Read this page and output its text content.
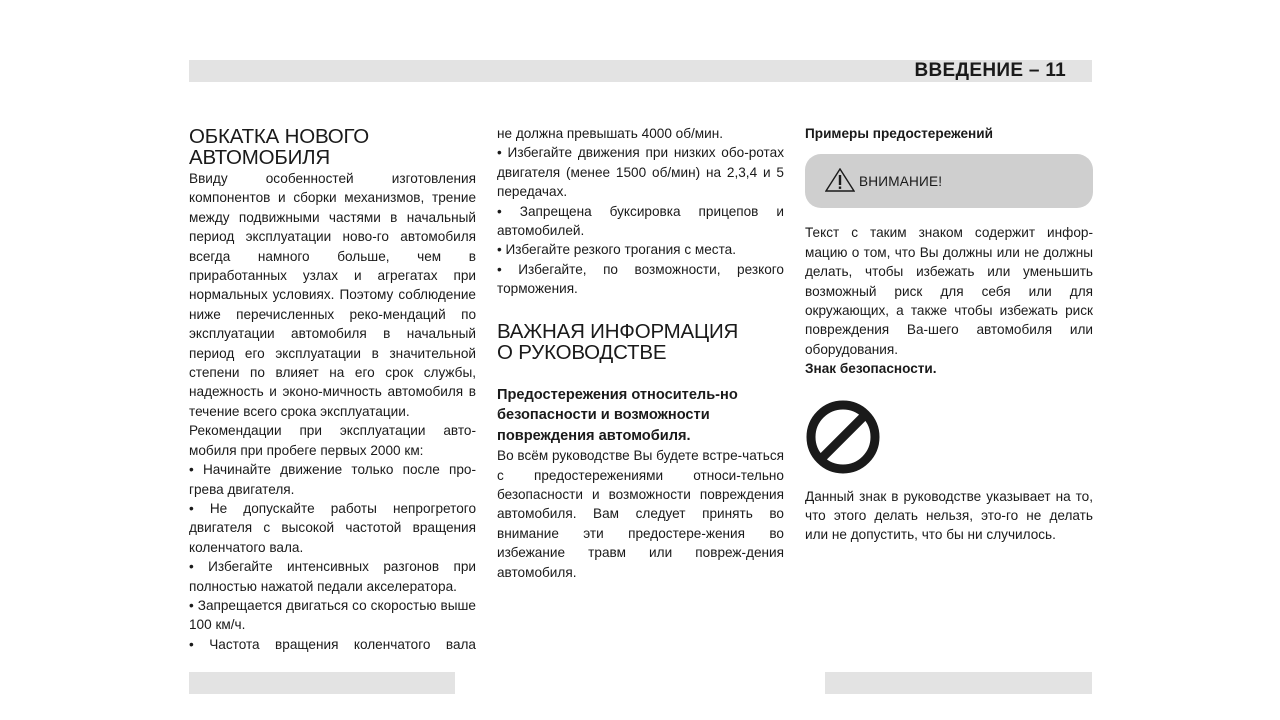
ВВЕДЕНИЕ – 11
ОБКАТКА НОВОГО АВТОМОБИЛЯ

Ввиду особенностей изготовления компонентов и сборки механизмов, трение между подвижными частями в начальный период эксплуатации ново-го автомобиля всегда намного больше, чем в приработанных узлах и агрегатах при нормальных условиях. Поэтому соблюдение ниже перечисленных реко-мендаций по эксплуатации автомобиля в начальный период его эксплуатации в значительной степени по влияет на его срок службы, надежность и эконо-мичность автомобиля в течение всего срока эксплуатации.

Рекомендации при эксплуатации авто-мобиля при пробеге первых 2000 км:

• Начинайте движение только после про-грева двигателя.

• Не допускайте работы непрогретого двигателя с высокой частотой вращения коленчатого вала.

• Избегайте интенсивных разгонов при полностью нажатой педали акселератора.

• Запрещается двигаться со скоростью выше 100 км/ч.

• Частота вращения коленчатого вала

не должна превышать 4000 об/мин.

• Избегайте движения при низких обо-ротах двигателя (менее 1500 об/мин) на 2,3,4 и 5 передачах.

• Запрещена буксировка прицепов и автомобилей.

• Избегайте резкого трогания с места.

• Избегайте, по возможности, резкого торможения.

ВАЖНАЯ ИНФОРМАЦИЯ О РУКОВОДСТВЕ
Предостережения относитель-но безопасности и возможности повреждения автомобиля.

Во всём руководстве Вы будете встре-чаться с предостережениями относи-тельно безопасности и возможности повреждения автомобиля. Вам следует принять во внимание эти предостере-жения во избежание травм или повреж-дения автомобиля.

Примеры предостережений

ВНИМАНИЕ!

Текст с таким знаком содержит инфор-мацию о том, что Вы должны или не должны делать, чтобы избежать или уменьшить возможный риск для себя или для окружающих, а также чтобы избежать риск повреждения Ва-шего автомобиля или оборудования.

Знак безопасности.

Данный знак в руководстве указывает на то, что этого делать нельзя, это-го не делать или не допустить, что бы ни случилось.
